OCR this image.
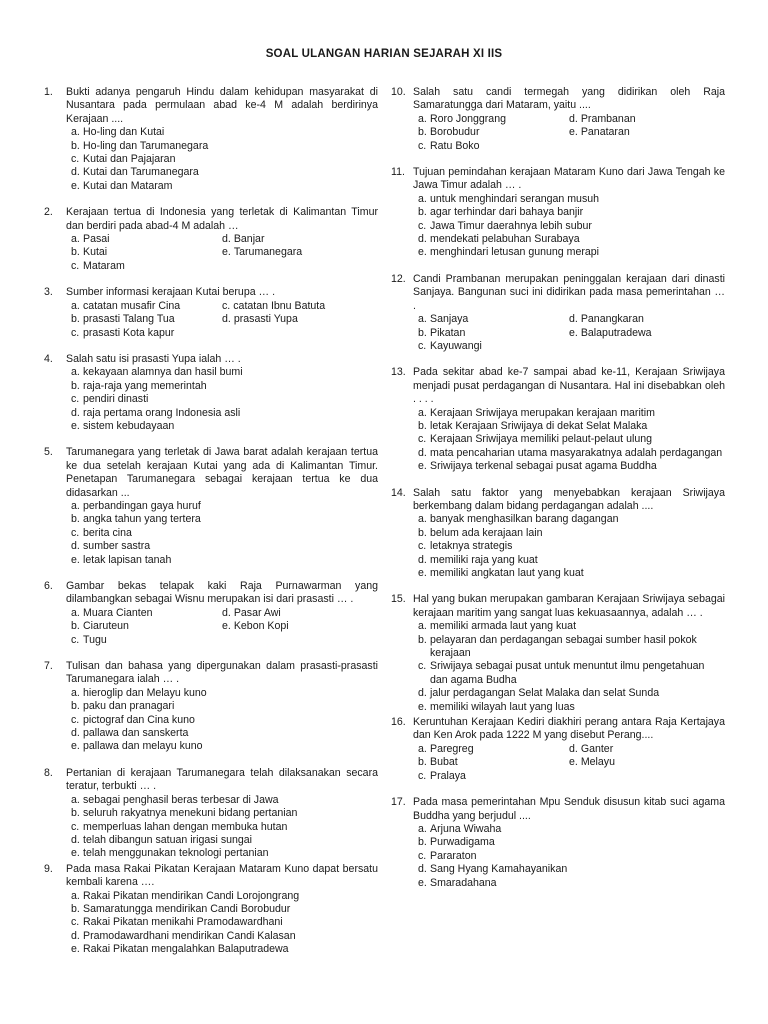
SOAL ULANGAN HARIAN SEJARAH XI IIS
1. Bukti adanya pengaruh Hindu dalam kehidupan masyarakat di Nusantara pada permulaan abad ke-4 M adalah berdirinya Kerajaan ....
a. Ho-ling dan Kutai
b. Ho-ling dan Tarumanegara
c. Kutai dan Pajajaran
d. Kutai dan Tarumanegara
e. Kutai dan Mataram
2. Kerajaan tertua di Indonesia yang terletak di Kalimantan Timur dan berdiri pada abad-4 M adalah …
a. Pasai	d. Banjar
b. Kutai	e. Tarumanegara
c. Mataram
3. Sumber informasi kerajaan Kutai berupa … .
a. catatan musafir Cina	c. catatan Ibnu Batuta
b. prasasti Talang Tua	d. prasasti Yupa
c. prasasti Kota kapur
4. Salah satu isi prasasti Yupa ialah … .
a. kekayaan alamnya dan hasil bumi
b. raja-raja yang memerintah
c. pendiri dinasti
d. raja pertama orang Indonesia asli
e. sistem kebudayaan
5. Tarumanegara yang terletak di Jawa barat adalah kerajaan tertua ke dua setelah kerajaan Kutai yang ada di Kalimantan Timur. Penetapan Tarumanegara sebagai kerajaan tertua ke dua didasarkan ...
a. perbandingan gaya huruf
b. angka tahun yang tertera
c. berita cina
d. sumber sastra
e. letak lapisan tanah
6. Gambar bekas telapak kaki Raja Purnawarman yang dilambangkan sebagai Wisnu merupakan isi dari prasasti … .
a. Muara Cianten	d. Pasar Awi
b. Ciaruteun	e. Kebon Kopi
c. Tugu
7. Tulisan dan bahasa yang dipergunakan dalam prasasti-prasasti Tarumanegara ialah … .
a. hieroglip dan Melayu kuno
b. paku dan pranagari
c. pictograf dan Cina kuno
d. pallawa dan sanskerta
e. pallawa dan melayu kuno
8. Pertanian di kerajaan Tarumanegara telah dilaksanakan secara teratur, terbukti … .
a. sebagai penghasil beras terbesar di Jawa
b. seluruh rakyatnya menekuni bidang pertanian
c. memperluas lahan dengan membuka hutan
d. telah dibangun satuan irigasi sungai
e. telah menggunakan teknologi pertanian
9. Pada masa Rakai Pikatan Kerajaan Mataram Kuno dapat bersatu kembali karena ….
a. Rakai Pikatan mendirikan Candi Lorojongrang
b. Samaratungga mendirikan Candi Borobudur
c. Rakai Pikatan menikahi Pramodawardhani
d. Pramodawardhani mendirikan Candi Kalasan
e. Rakai Pikatan mengalahkan Balaputradewa
10. Salah satu candi termegah yang didirikan oleh Raja Samaratungga dari Mataram, yaitu ....
a. Roro Jonggrang	d. Prambanan
b. Borobudur	e. Panataran
c. Ratu Boko
11. Tujuan pemindahan kerajaan Mataram Kuno dari Jawa Tengah ke Jawa Timur adalah … .
a. untuk menghindari serangan musuh
b. agar terhindar dari bahaya banjir
c. Jawa Timur daerahnya lebih subur
d. mendekati pelabuhan Surabaya
e. menghindari letusan gunung merapi
12. Candi Prambanan merupakan peninggalan kerajaan dari dinasti Sanjaya. Bangunan suci ini didirikan pada masa pemerintahan … .
a. Sanjaya	d. Panangkaran
b. Pikatan	e. Balaputradewa
c. Kayuwangi
13. Pada sekitar abad ke-7 sampai abad ke-11, Kerajaan Sriwijaya menjadi pusat perdagangan di Nusantara. Hal ini disebabkan oleh . . . .
a. Kerajaan Sriwijaya merupakan kerajaan maritim
b. letak Kerajaan Sriwijaya di dekat Selat Malaka
c. Kerajaan Sriwijaya memiliki pelaut-pelaut ulung
d. mata pencaharian utama masyarakatnya adalah perdagangan
e. Sriwijaya terkenal sebagai pusat agama Buddha
14. Salah satu faktor yang menyebabkan kerajaan Sriwijaya berkembang dalam bidang perdagangan adalah ....
a. banyak menghasilkan barang dagangan
b. belum ada kerajaan lain
c. letaknya strategis
d. memiliki raja yang kuat
e. memiliki angkatan laut yang kuat
15. Hal yang bukan merupakan gambaran Kerajaan Sriwijaya sebagai kerajaan maritim yang sangat luas kekuasaannya, adalah … .
a. memiliki armada laut yang kuat
b. pelayaran dan perdagangan sebagai sumber hasil pokok kerajaan
c. Sriwijaya sebagai pusat untuk menuntut ilmu pengetahuan dan agama Budha
d. jalur perdagangan Selat Malaka dan selat Sunda
e. memiliki wilayah laut yang luas
16. Keruntuhan Kerajaan Kediri diakhiri perang antara Raja Kertajaya dan Ken Arok pada 1222 M yang disebut Perang....
a. Paregreg	d. Ganter
b. Bubat	e. Melayu
c. Pralaya
17. Pada masa pemerintahan Mpu Senduk disusun kitab suci agama Buddha yang berjudul ....
a. Arjuna Wiwaha
b. Purwadigama
c. Pararaton
d. Sang Hyang Kamahayanikan
e. Smaradahana
